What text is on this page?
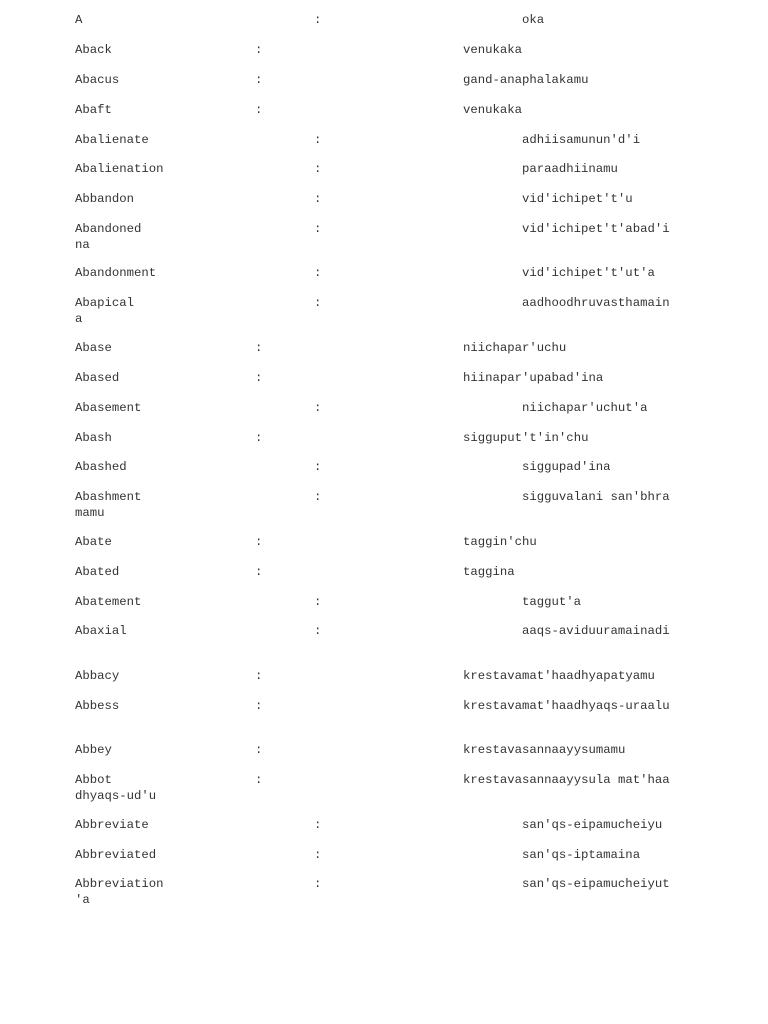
A	:	oka
Aback	:	venukaka
Abacus	:	gand-anaphalakamu
Abaft	:	venukaka
Abalienate	:	adhiisamunun'd'i
Abalienation	:	paraadhiinamu
Abbandon	:	vid'ichipet't'u
Abandoned	:	vid'ichipet't'abad'i
na
Abandonment	:	vid'ichipet't'ut'a
Abapical	:	aadhoodhruvasthamain
a
Abase	:	niichapar'uchu
Abased	:	hiinapar'upabad'ina
Abasement	:	niichapar'uchut'a
Abash	:	sigguput't'in'chu
Abashed	:	siggupad'ina
Abashment	:	sigguvalani san'bhra
mamu
Abate	:	taggin'chu
Abated	:	taggina
Abatement	:	taggut'a
Abaxial	:	aaqs-aviduuramainadi
Abbacy	:	krestavamat'haadhyapatyamu
Abbess	:	krestavamat'haadhyaqs-uraalu
Abbey	:	krestavasannaayysumamu
Abbot	:	krestavasannaayysula mat'haa
dhyaqs-ud'u
Abbreviate	:	san'qs-eipamucheiyu
Abbreviated	:	san'qs-iptamaina
Abbreviation	:	san'qs-eipamucheiyut
'a
